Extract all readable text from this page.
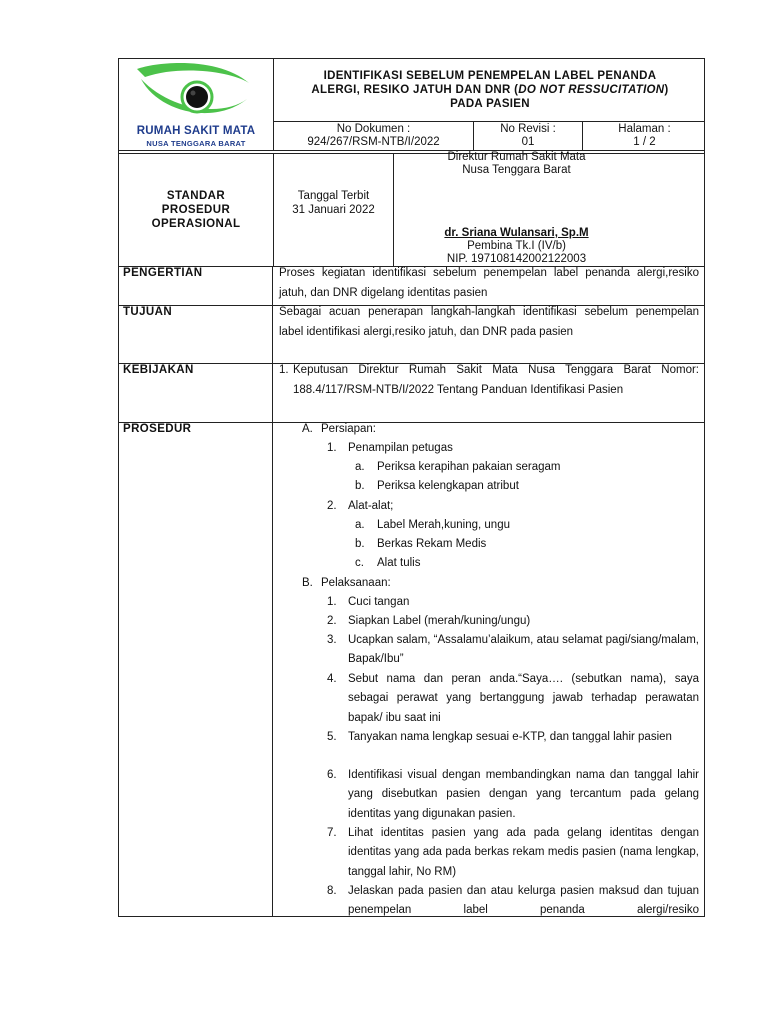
RUMAH SAKIT MATA
NUSA TENGGARA BARAT
IDENTIFIKASI SEBELUM PENEMPELAN LABEL PENANDA
ALERGI, RESIKO JATUH DAN DNR (DO NOT RESSUCITATION)
PADA PASIEN
No Dokumen :
924/267/RSM-NTB/I/2022
No Revisi :
01
Halaman :
1 / 2
STANDAR
PROSEDUR
OPERASIONAL
Tanggal Terbit
31 Januari 2022
Direktur Rumah Sakit Mata
Nusa Tenggara Barat
dr. Sriana Wulansari, Sp.M
Pembina Tk.I (IV/b)
NIP. 197108142002122003
PENGERTIAN	Proses kegiatan identifikasi sebelum penempelan label penanda alergi,resiko jatuh, dan DNR digelang identitas pasien
TUJUAN	Sebagai acuan penerapan langkah-langkah identifikasi sebelum penempelan label identifikasi alergi,resiko jatuh, dan DNR pada pasien
KEBIJAKAN	1. Keputusan Direktur Rumah Sakit Mata Nusa Tenggara Barat Nomor: 188.4/117/RSM-NTB/I/2022 Tentang Panduan Identifikasi Pasien
PROSEDUR	A. Persiapan:
1. Penampilan petugas
a. Periksa kerapihan pakaian seragam
b. Periksa kelengkapan atribut
2. Alat-alat;
a. Label Merah,kuning, ungu
b. Berkas Rekam Medis
c. Alat tulis
B. Pelaksanaan:
1. Cuci tangan
2. Siapkan Label (merah/kuning/ungu)
3. Ucapkan salam, “Assalamu’alaikum, atau selamat pagi/siang/malam, Bapak/Ibu”
4. Sebut nama dan peran anda.“Saya…. (sebutkan nama), saya sebagai perawat yang bertanggung jawab terhadap perawatan bapak/ ibu saat ini
5. Tanyakan nama lengkap sesuai e-KTP, dan tanggal lahir pasien
6. Identifikasi visual dengan membandingkan nama dan tanggal lahir yang disebutkan pasien dengan yang tercantum pada gelang identitas yang digunakan pasien.
7. Lihat identitas pasien yang ada pada gelang identitas dengan identitas yang ada pada berkas rekam medis pasien (nama lengkap, tanggal lahir, No RM)
8. Jelaskan pada pasien dan atau kelurga pasien maksud dan tujuan penempelan label penanda alergi/resiko
